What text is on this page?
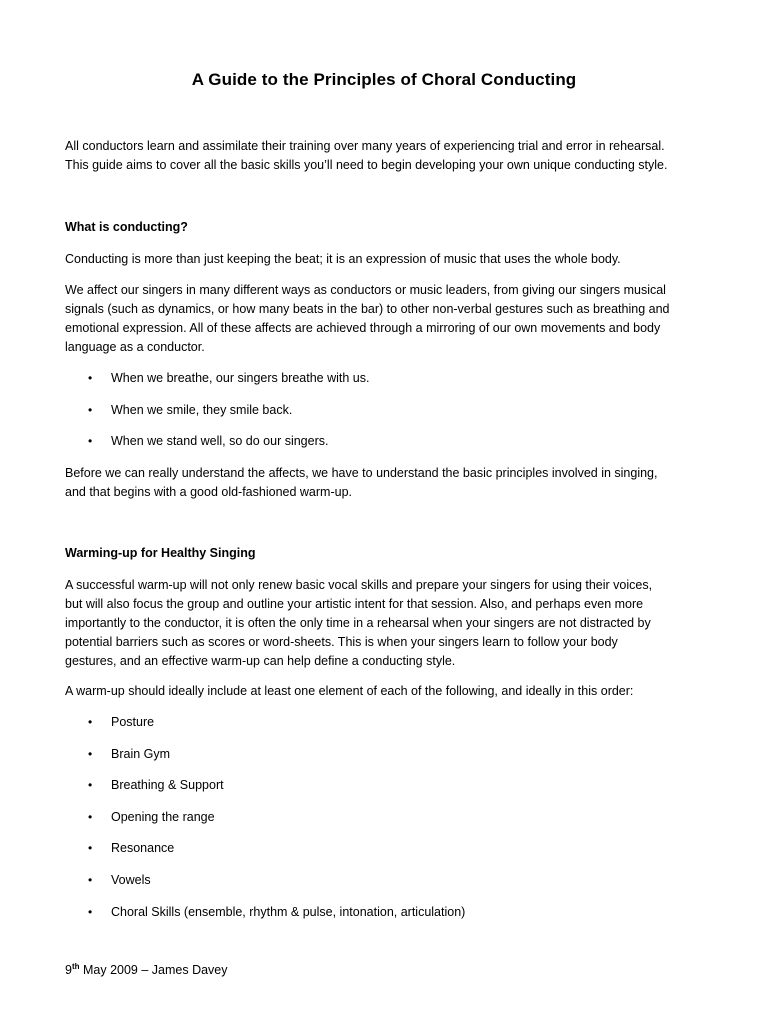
A Guide to the Principles of Choral Conducting
All conductors learn and assimilate their training over many years of experiencing trial and error in rehearsal.
This guide aims to cover all the basic skills you’ll need to begin developing your own unique conducting style.
What is conducting?
Conducting is more than just keeping the beat; it is an expression of music that uses the whole body.
We affect our singers in many different ways as conductors or music leaders, from giving our singers musical
signals (such as dynamics, or how many beats in the bar) to other non-verbal gestures such as breathing and
emotional expression. All of these affects are achieved through a mirroring of our own movements and body
language as a conductor.
• When we breathe, our singers breathe with us.
• When we smile, they smile back.
• When we stand well, so do our singers.
Before we can really understand the affects, we have to understand the basic principles involved in singing,
and that begins with a good old-fashioned warm-up.
Warming-up for Healthy Singing
A successful warm-up will not only renew basic vocal skills and prepare your singers for using their voices,
but will also focus the group and outline your artistic intent for that session. Also, and perhaps even more
importantly to the conductor, it is often the only time in a rehearsal when your singers are not distracted by
potential barriers such as scores or word-sheets. This is when your singers learn to follow your body
gestures, and an effective warm-up can help define a conducting style.
A warm-up should ideally include at least one element of each of the following, and ideally in this order:
• Posture
• Brain Gym
• Breathing & Support
• Opening the range
• Resonance
• Vowels
• Choral Skills (ensemble, rhythm & pulse, intonation, articulation)
9th May 2009 – James Davey
